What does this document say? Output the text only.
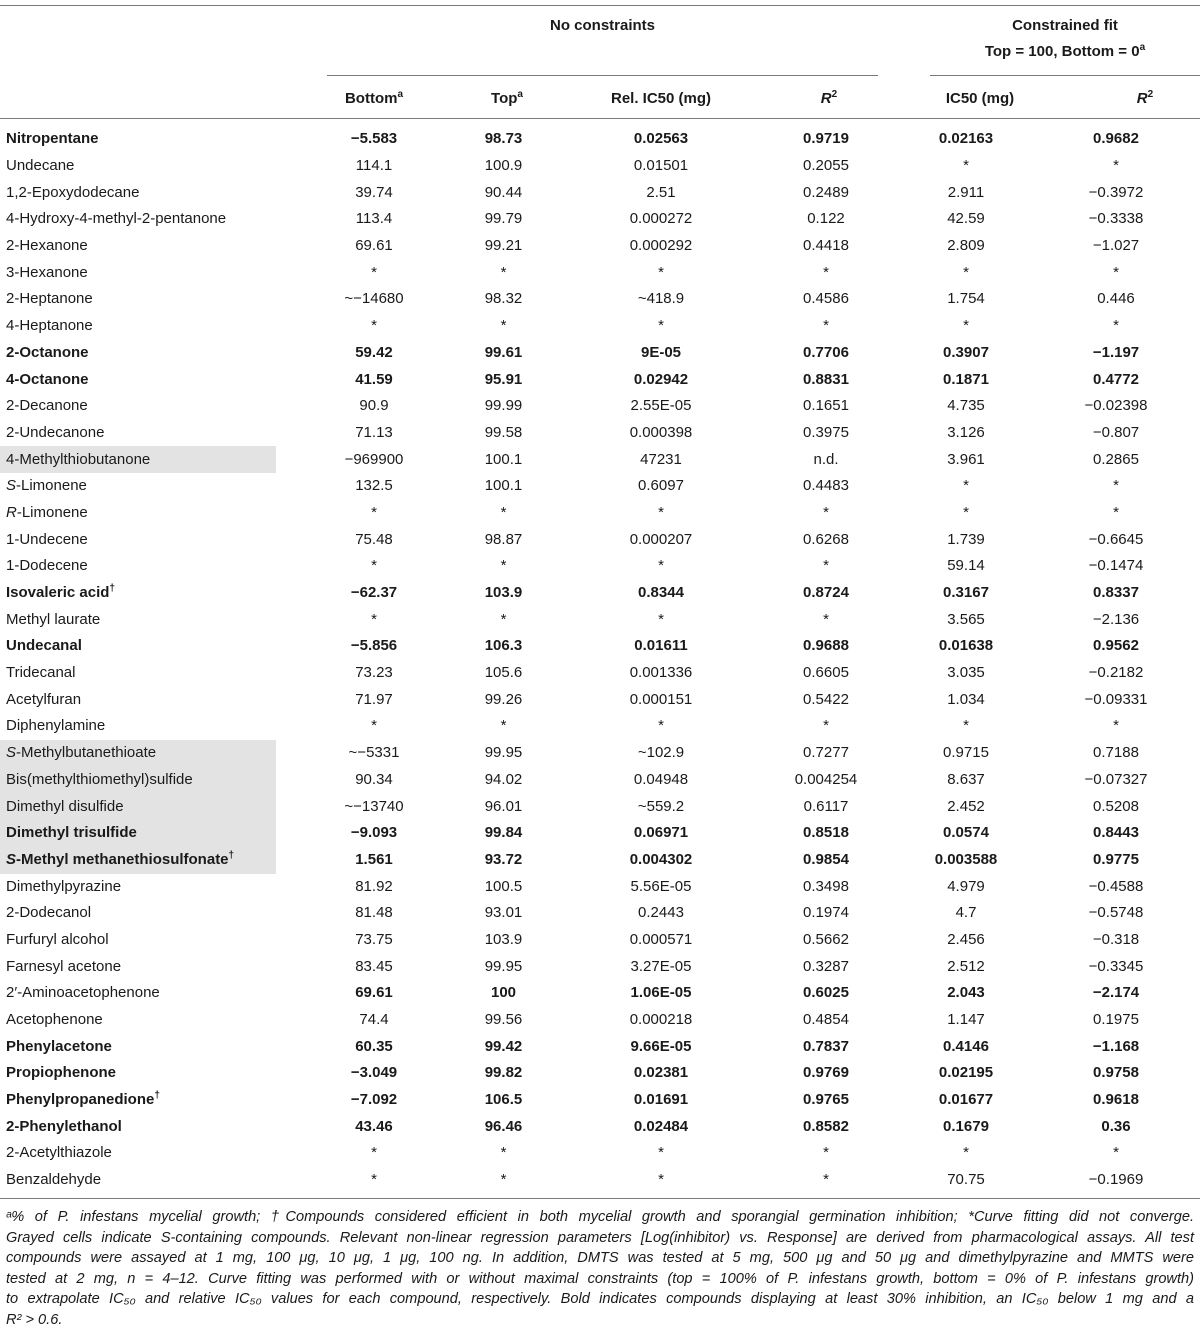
No constraints	Constrained fit
Top = 100, Bottom = $0^a$
Bottom$^a$	Top$^a$	Rel. IC50 (mg)	$R^2$	IC50 (mg)	$R^2$
Nitropentane	−5.583	98.73	0.02563	0.9719	0.02163	0.9682
Undecane	114.1	100.9	0.01501	0.2055	*	*
1,2-Epoxydodecane	39.74	90.44	2.51	0.2489	2.911	−0.3972
4-Hydroxy-4-methyl-2-pentanone	113.4	99.79	0.000272	0.122	42.59	−0.3338
2-Hexanone	69.61	99.21	0.000292	0.4418	2.809	−1.027
3-Hexanone	*	*	*	*	*	*
2-Heptanone	~−14680	98.32	~418.9	0.4586	1.754	0.446
4-Heptanone	*	*	*	*	*	*
2-Octanone	59.42	99.61	9E-05	0.7706	0.3907	−1.197
4-Octanone	41.59	95.91	0.02942	0.8831	0.1871	0.4772
2-Decanone	90.9	99.99	2.55E-05	0.1651	4.735	−0.02398
2-Undecanone	71.13	99.58	0.000398	0.3975	3.126	−0.807
4-Methylthiobutanone	−969900	100.1	47231	n.d.	3.961	0.2865
S-Limonene	132.5	100.1	0.6097	0.4483	*	*
R-Limonene	*	*	*	*	*	*
1-Undecene	75.48	98.87	0.000207	0.6268	1.739	−0.6645
1-Dodecene	*	*	*	*	59.14	−0.1474
Isovaleric acid†	−62.37	103.9	0.8344	0.8724	0.3167	0.8337
Methyl laurate	*	*	*	*	3.565	−2.136
Undecanal	−5.856	106.3	0.01611	0.9688	0.01638	0.9562
Tridecanal	73.23	105.6	0.001336	0.6605	3.035	−0.2182
Acetylfuran	71.97	99.26	0.000151	0.5422	1.034	−0.09331
Diphenylamine	*	*	*	*	*	*
S-Methylbutanethioate	~−5331	99.95	~102.9	0.7277	0.9715	0.7188
Bis(methylthiomethyl)sulfide	90.34	94.02	0.04948	0.004254	8.637	−0.07327
Dimethyl disulfide	~−13740	96.01	~559.2	0.6117	2.452	0.5208
Dimethyl trisulfide	−9.093	99.84	0.06971	0.8518	0.0574	0.8443
S-Methyl methanethiosulfonate†	1.561	93.72	0.004302	0.9854	0.003588	0.9775
Dimethylpyrazine	81.92	100.5	5.56E-05	0.3498	4.979	−0.4588
2-Dodecanol	81.48	93.01	0.2443	0.1974	4.7	−0.5748
Furfuryl alcohol	73.75	103.9	0.000571	0.5662	2.456	−0.318
Farnesyl acetone	83.45	99.95	3.27E-05	0.3287	2.512	−0.3345
2′-Aminoacetophenone	69.61	100	1.06E-05	0.6025	2.043	−2.174
Acetophenone	74.4	99.56	0.000218	0.4854	1.147	0.1975
Phenylacetone	60.35	99.42	9.66E-05	0.7837	0.4146	−1.168
Propiophenone	−3.049	99.82	0.02381	0.9769	0.02195	0.9758
Phenylpropanedione†	−7.092	106.5	0.01691	0.9765	0.01677	0.9618
2-Phenylethanol	43.46	96.46	0.02484	0.8582	0.1679	0.36
2-Acetylthiazole	*	*	*	*	*	*
Benzaldehyde	*	*	*	*	70.75	−0.1969
ᵃ% of P. infestans mycelial growth; †Compounds considered efficient in both mycelial growth and sporangial germination inhibition; *Curve fitting did not converge.
Grayed cells indicate S-containing compounds. Relevant non-linear regression parameters [Log(inhibitor) vs. Response] are derived from pharmacological assays. All test
compounds were assayed at 1 mg, 100 μg, 10 μg, 1 μg, 100 ng. In addition, DMTS was tested at 5 mg, 500 μg and 50 μg and dimethylpyrazine and MMTS were
tested at 2 mg, n = 4–12. Curve fitting was performed with or without maximal constraints (top = 100% of P. infestans growth, bottom = 0% of P. infestans growth)
to extrapolate IC₅₀ and relative IC₅₀ values for each compound, respectively. Bold indicates compounds displaying at least 30% inhibition, an IC₅₀ below 1 mg and a
R² > 0.6.
